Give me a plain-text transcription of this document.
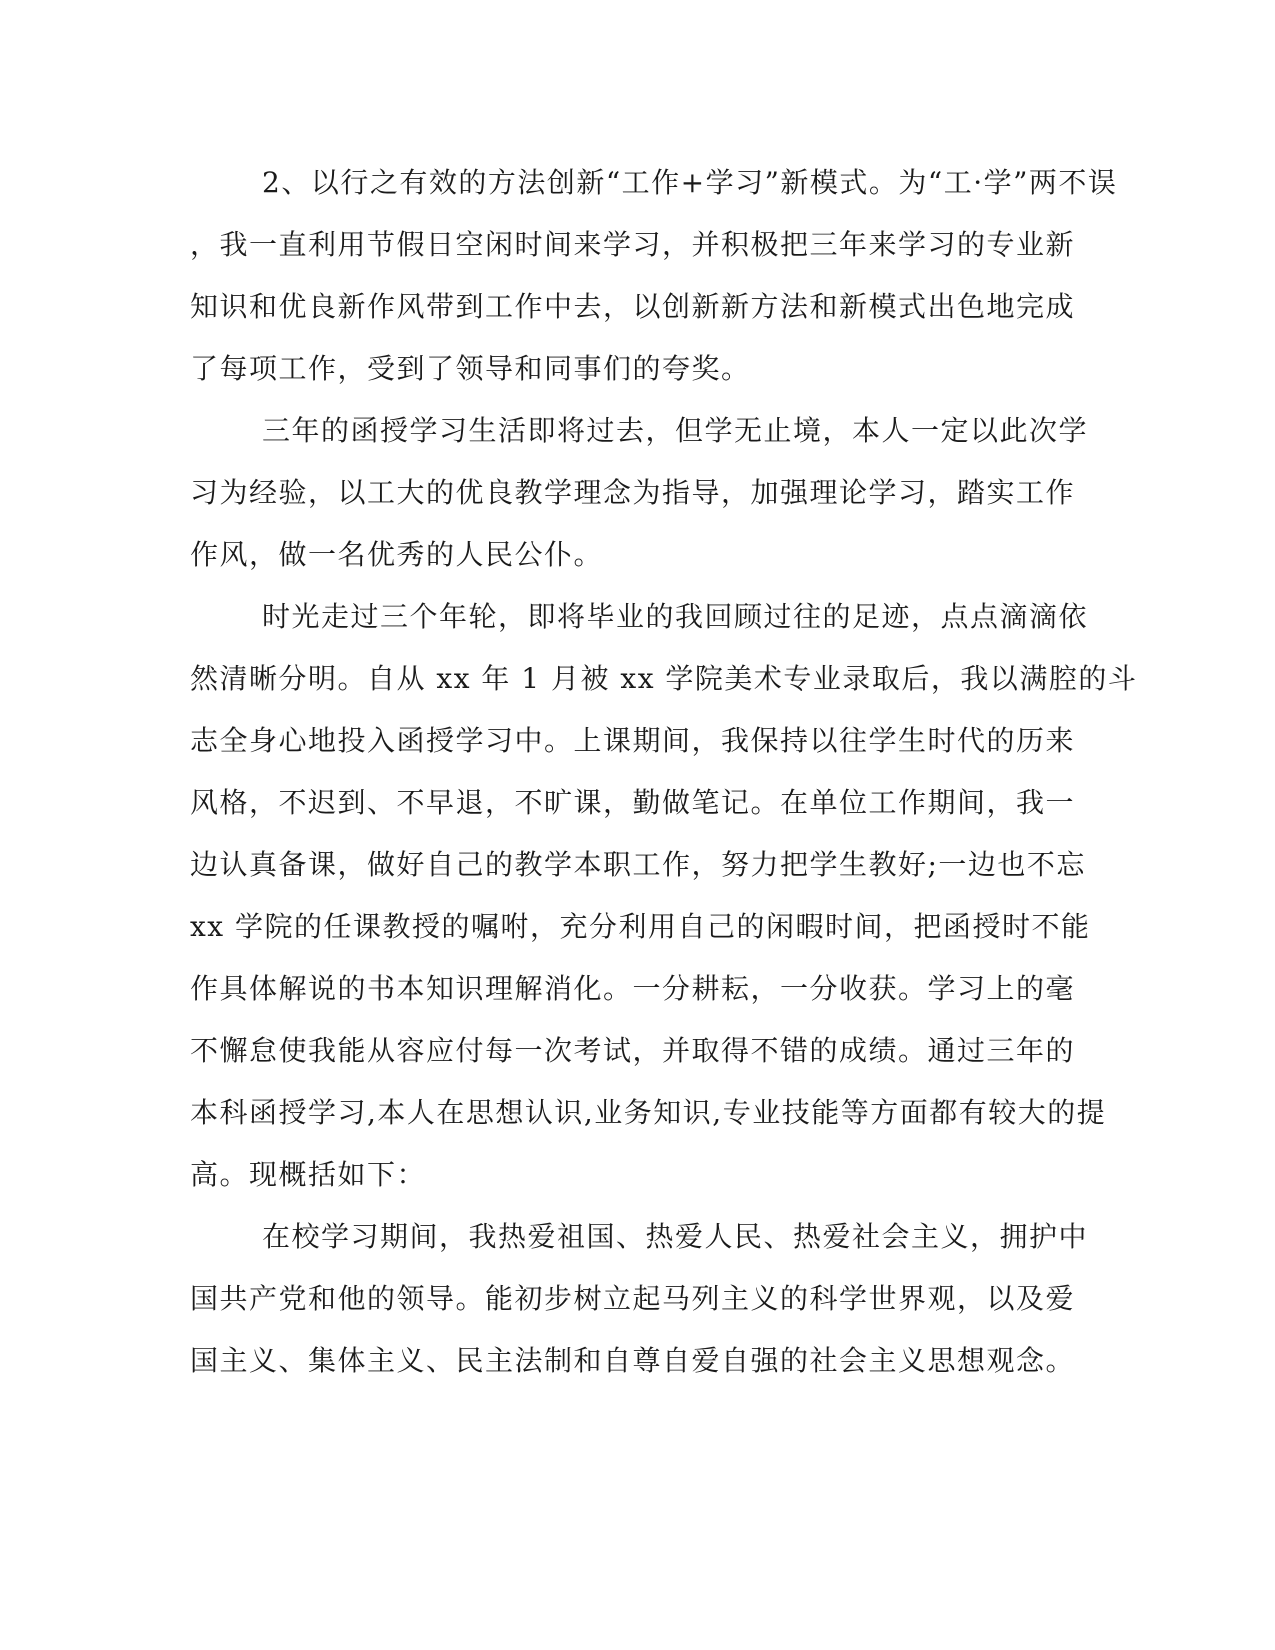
2、以行之有效的方法创新“工作+学习”新模式。为“工·学”两不误
，我一直利用节假日空闲时间来学习，并积极把三年来学习的专业新
知识和优良新作风带到工作中去，以创新新方法和新模式出色地完成
了每项工作，受到了领导和同事们的夸奖。
三年的函授学习生活即将过去，但学无止境，本人一定以此次学
习为经验，以工大的优良教学理念为指导，加强理论学习，踏实工作
作风，做一名优秀的人民公仆。
时光走过三个年轮，即将毕业的我回顾过往的足迹，点点滴滴依
然清晰分明。自从 xx 年 1 月被 xx 学院美术专业录取后，我以满腔的斗
志全身心地投入函授学习中。上课期间，我保持以往学生时代的历来
风格，不迟到、不早退，不旷课，勤做笔记。在单位工作期间，我一
边认真备课，做好自己的教学本职工作，努力把学生教好;一边也不忘
xx 学院的任课教授的嘱咐，充分利用自己的闲暇时间，把函授时不能
作具体解说的书本知识理解消化。一分耕耘，一分收获。学习上的毫
不懈怠使我能从容应付每一次考试，并取得不错的成绩。通过三年的
本科函授学习,本人在思想认识,业务知识,专业技能等方面都有较大的提
高。现概括如下：
在校学习期间，我热爱祖国、热爱人民、热爱社会主义，拥护中
国共产党和他的领导。能初步树立起马列主义的科学世界观，以及爱
国主义、集体主义、民主法制和自尊自爱自强的社会主义思想观念。
